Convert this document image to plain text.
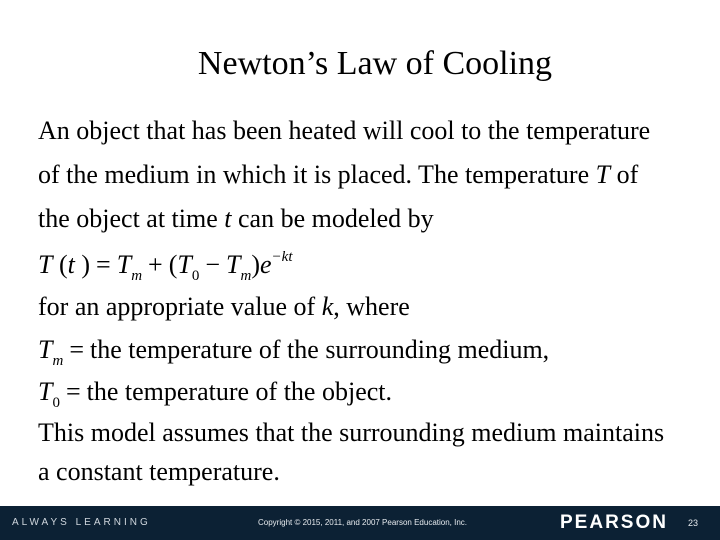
Newton’s Law of Cooling
An object that has been heated will cool to the temperature
of the medium in which it is placed. The temperature T of
the object at time t can be modeled by
T (t ) = $T_m + (T_0 - T_m)e^{-kt}$
for an appropriate value of k, where
$T_m$ = the temperature of the surrounding medium,
$T_0$ = the temperature of the object.
This model assumes that the surrounding medium maintains
a constant temperature.
ALWAYS LEARNING	Copyright © 2015, 2011, and 2007 Pearson Education, Inc.	PEARSON 23
